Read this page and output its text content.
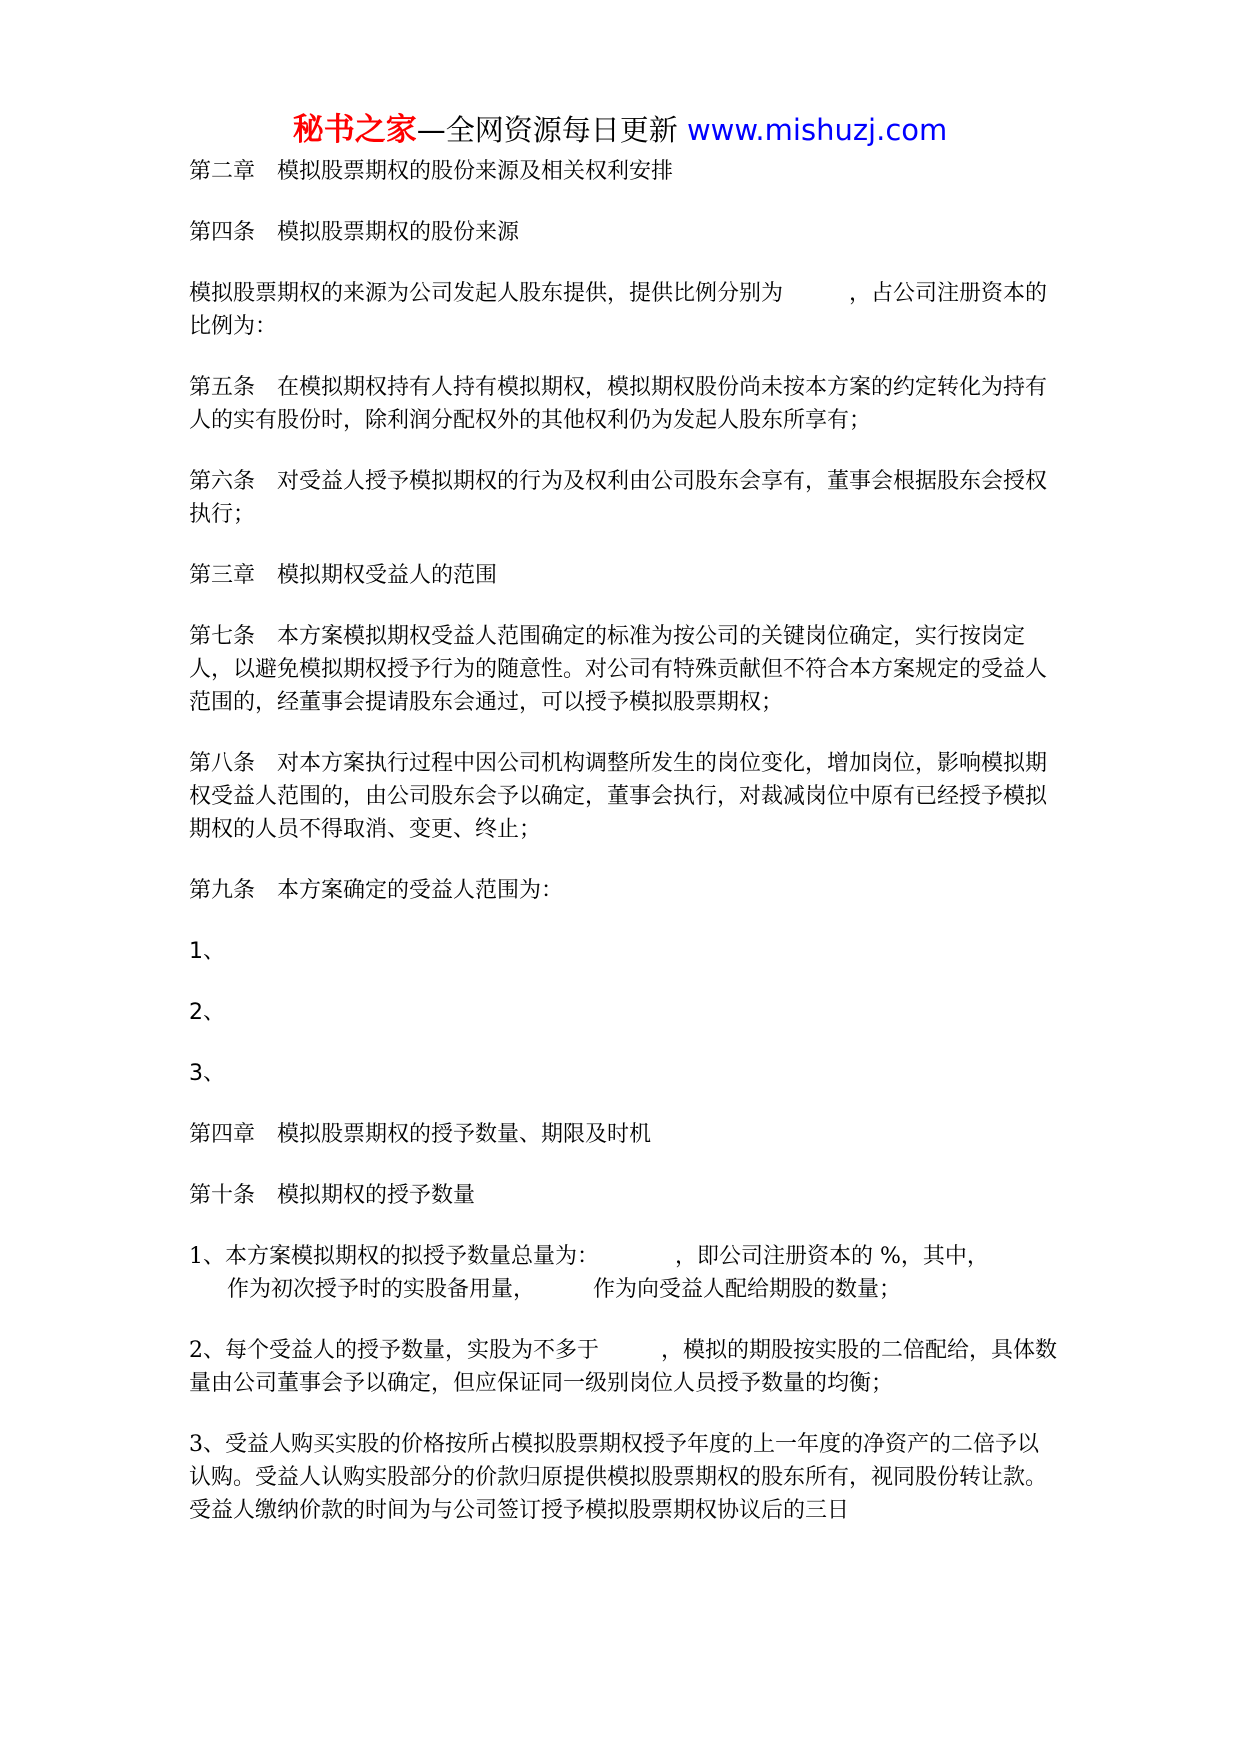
秘书之家—全网资源每日更新 www.mishuzj.com

第二章　模拟股票期权的股份来源及相关权利安排

第四条　模拟股票期权的股份来源

模拟股票期权的来源为公司发起人股东提供，提供比例分别为	，占公司注册资本的比例为：

第五条　在模拟期权持有人持有模拟期权，模拟期权股份尚未按本方案的约定转化为持有人的实有股份时，除利润分配权外的其他权利仍为发起人股东所享有；

第六条　对受益人授予模拟期权的行为及权利由公司股东会享有，董事会根据股东会授权执行；

第三章　模拟期权受益人的范围

第七条　本方案模拟期权受益人范围确定的标准为按公司的关键岗位确定，实行按岗定人，以避免模拟期权授予行为的随意性。对公司有特殊贡献但不符合本方案规定的受益人范围的，经董事会提请股东会通过，可以授予模拟股票期权；

第八条　对本方案执行过程中因公司机构调整所发生的岗位变化，增加岗位，影响模拟期权受益人范围的，由公司股东会予以确定，董事会执行，对裁减岗位中原有已经授予模拟期权的人员不得取消、变更、终止；

第九条　本方案确定的受益人范围为：

1、

2、

3、

第四章　模拟股票期权的授予数量、期限及时机

第十条　模拟期权的授予数量

1、本方案模拟期权的拟授予数量总量为：	，即公司注册资本的 %，其中，
作为初次授予时的实股备用量，	作为向受益人配给期股的数量；

2、每个受益人的授予数量，实股为不多于	，模拟的期股按实股的二倍配给，具体数量由公司董事会予以确定，但应保证同一级别岗位人员授予数量的均衡；

3、受益人购买实股的价格按所占模拟股票期权授予年度的上一年度的净资产的二倍予以认购。受益人认购实股部分的价款归原提供模拟股票期权的股东所有，视同股份转让款。受益人缴纳价款的时间为与公司签订授予模拟股票期权协议后的三日
